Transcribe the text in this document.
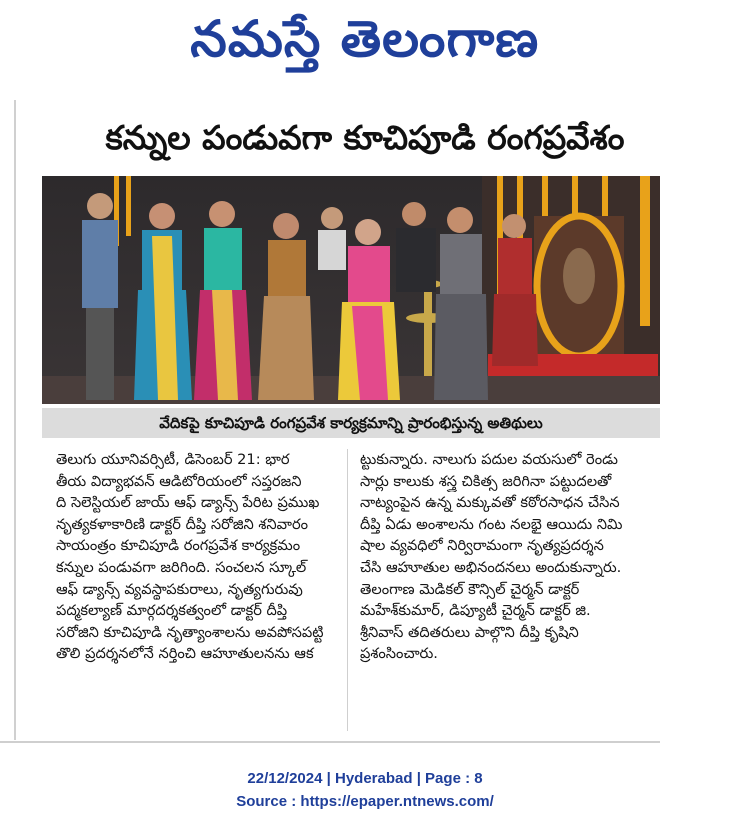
నమస్తే తెలంగాణ
కన్నుల పండువగా కూచిపూడి రంగప్రవేశం
వేదికపై కూచిపూడి రంగప్రవేశ కార్యక్రమాన్ని ప్రారంభిస్తున్న అతిథులు
తెలుగు యూనివర్సిటీ, డిసెంబర్ 21: భార
తీయ విద్యాభవన్ ఆడిటోరియంలో సప్తరజని
ది సెలెస్టియల్ జాయ్ ఆఫ్ డ్యాన్స్ పేరిట ప్రముఖ
నృత్యకళాకారిణి డాక్టర్ దీప్తి సరోజిని శనివారం
సాయంత్రం కూచిపూడి రంగప్రవేశ కార్యక్రమం
కన్నుల పండువగా జరిగింది. సంచలన స్కూల్
ఆఫ్ డ్యాన్స్ వ్యవస్థాపకురాలు, నృత్యగురువు
పద్మకల్యాణ్ మార్గదర్శకత్వంలో డాక్టర్ దీప్తి
సరోజిని కూచిపూడి నృత్యాంశాలను అవపోసపట్టి
తొలి ప్రదర్శనలోనే నర్తించి ఆహూతులనను ఆక
ట్టుకున్నారు. నాలుగు పదుల వయసులో రెండు
సార్లు కాలుకు శస్త్ర చికిత్స జరిగినా పట్టుదలతో
నాట్యంపైన ఉన్న మక్కువతో కఠోరసాధన చేసిన
దీప్తి ఏడు అంశాలను గంట నలభై ఆయిదు నిమి
షాల వ్యవధిలో నిర్విరామంగా నృత్యప్రదర్శన
చేసి ఆహూతుల అభినందనలు అందుకున్నారు.
తెలంగాణ మెడికల్ కౌన్సిల్ చైర్మన్ డాక్టర్
మహేశ్‌కుమార్, డిప్యూటీ చైర్మన్ డాక్టర్ జి.
శ్రీనివాస్ తదితరులు పాల్గొని దీప్తి కృషిని
ప్రశంసించారు.
22/12/2024 | Hyderabad | Page : 8
Source : https://epaper.ntnews.com/
